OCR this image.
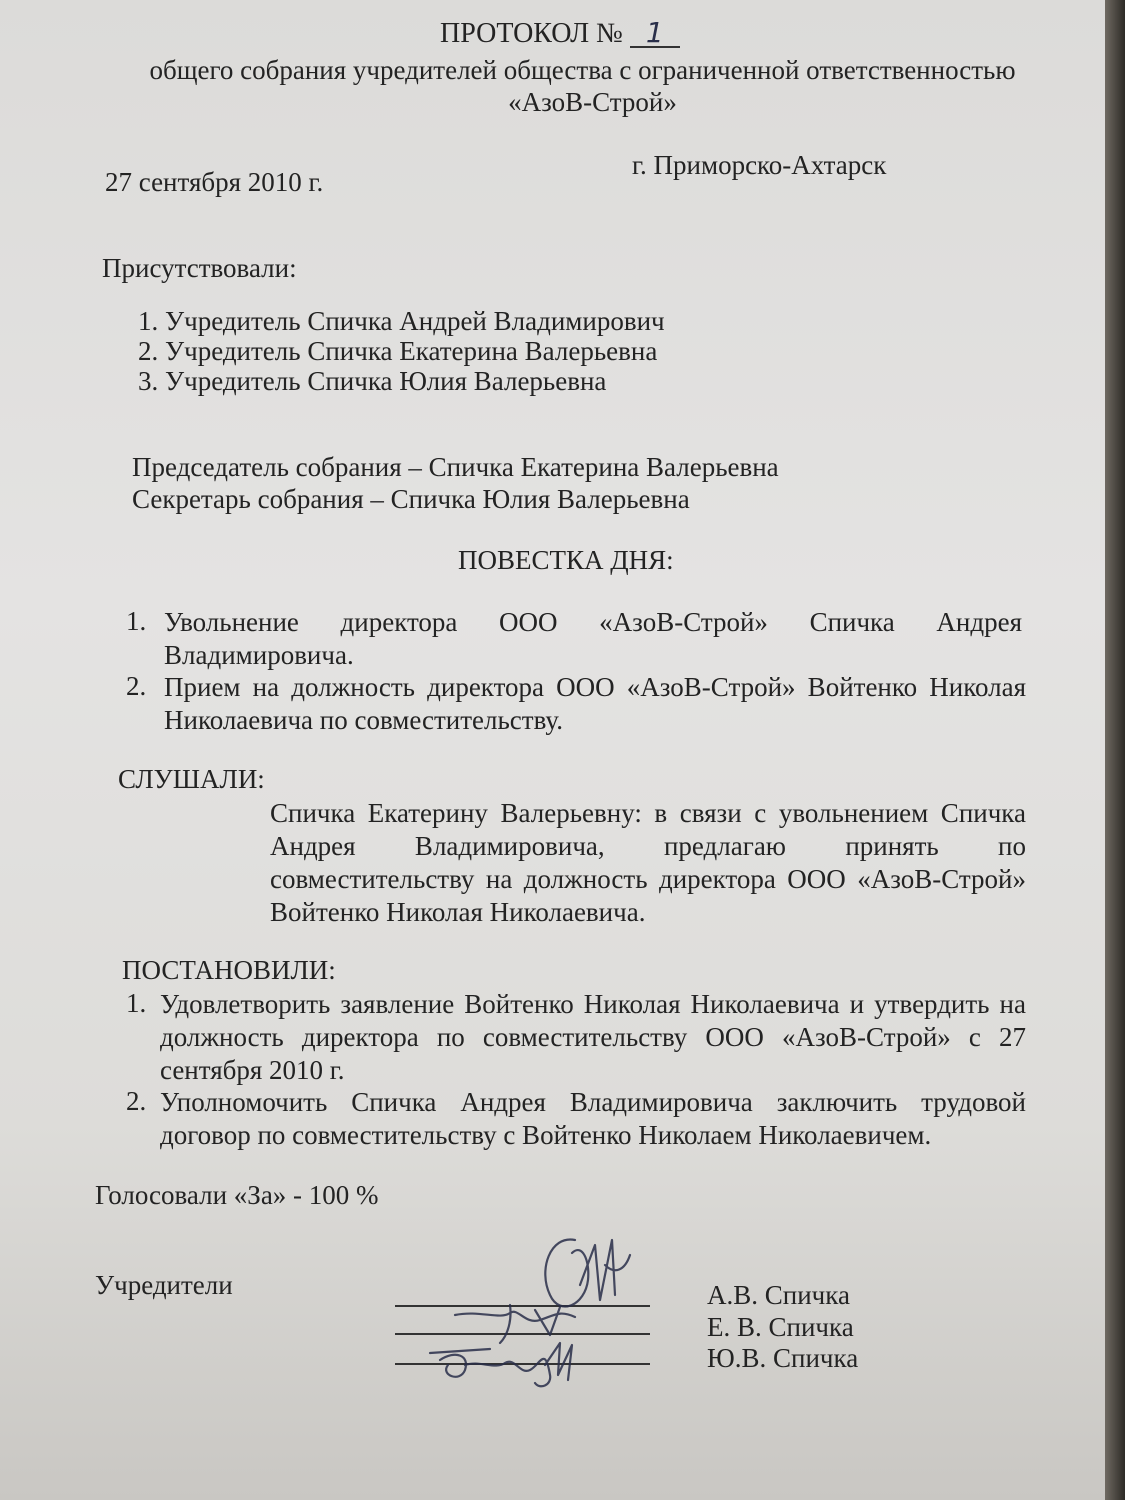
ПРОТОКОЛ № 1
общего собрания учредителей общества с ограниченной ответственностью
«АзоВ-Строй»
27 сентября 2010 г.
г. Приморско-Ахтарск
Присутствовали:
1. Учредитель Спичка Андрей Владимирович
2. Учредитель Спичка Екатерина Валерьевна
3. Учредитель Спичка Юлия Валерьевна
Председатель собрания – Спичка Екатерина Валерьевна
Секретарь собрания – Спичка Юлия Валерьевна
ПОВЕСТКА ДНЯ:
1. Увольнение директора ООО «АзоВ-Строй» Спичка Андрея Владимировича.
2. Прием на должность директора ООО «АзоВ-Строй» Войтенко Николая Николаевича по совместительству.
СЛУШАЛИ:
Спичка Екатерину Валерьевну: в связи с увольнением Спичка Андрея Владимировича, предлагаю принять по совместительству на должность директора ООО «АзоВ-Строй» Войтенко Николая Николаевича.
ПОСТАНОВИЛИ:
1. Удовлетворить заявление Войтенко Николая Николаевича и утвердить на должность директора по совместительству ООО «АзоВ-Строй» с 27 сентября 2010 г.
2. Уполномочить Спичка Андрея Владимировича заключить трудовой договор по совместительству с Войтенко Николаем Николаевичем.
Голосовали «За» - 100 %
Учредители	А.В. Спичка
Е. В. Спичка
Ю.В. Спичка
